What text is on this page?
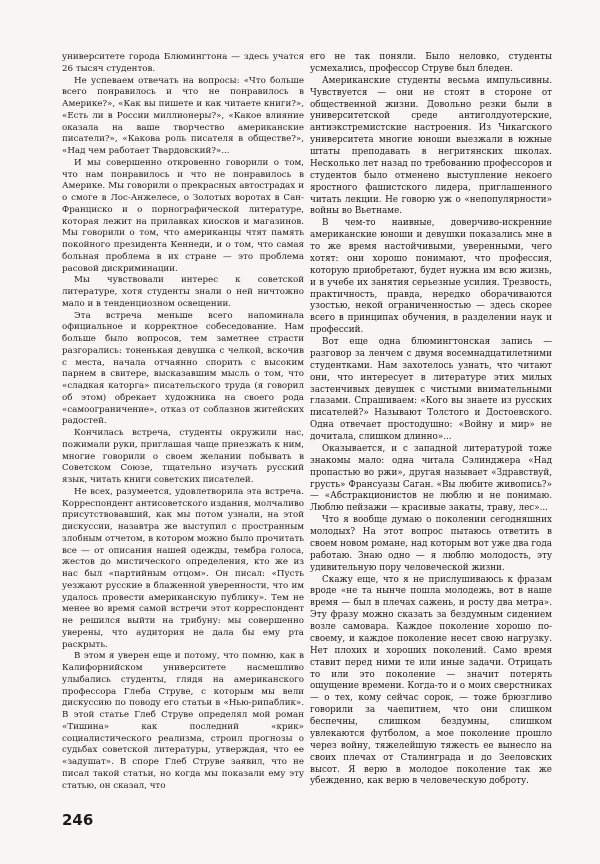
университете города Блюмингтона — здесь учатся 26 тысяч студентов.

Не успеваем отвечать на вопросы: «Что больше всего понравилось и что не понравилось в Америке?», «Как вы пишете и как читаете книги?», «Есть ли в России миллионеры?», «Какое влияние оказала на ваше творчество американские писатели?», «Какова роль писателя в обществе?», «Над чем работает Твардовский?»...

И мы совершенно откровенно говорили о том, что нам понравилось и что не понравилось в Америке. Мы говорили о прекрасных автострадах и о смоге в Лос-Анжелесе, о Золотых воротах в Сан-Франциско и о порнографической литературе, которая лежит на прилавках киосков и магазинов. Мы говорили о том, что американцы чтят память покойного президента Кеннеди, и о том, что самая больная проблема в их стране — это проблема расовой дискриминации.

Мы чувствовали интерес к советской литературе, хотя студенты знали о ней ничтожно мало и в тенденциозном освещении.

Эта встреча меньше всего напоминала официальное и корректное собеседование. Нам больше было вопросов, тем заметнее страсти разгорались: тоненькая девушка с челкой, вскочив с места, начала отчаянно спорить с высоким парнем в свитере, высказавшим мысль о том, что «сладкая каторга» писательского труда (я говорил об этом) обрекает художника на своего рода «самоограничение», отказ от соблазнов житейских радостей.

Кончилась встреча, студенты окружили нас, пожимали руки, приглашая чаще приезжать к ним, многие говорили о своем желании побывать в Советском Союзе, тщательно изучать русский язык, читать книги советских писателей.

Не всех, разумеется, удовлетворила эта встреча. Корреспондент антисоветского издания, молчаливо присутствовавший, как мы потом узнали, на этой дискуссии, назавтра же выступил с пространным злобным отчетом, в котором можно было прочитать все — от описания нашей одежды, тембра голоса, жестов до мистического определения, кто же из нас был «партийным отцом». Он писал: «Пусть уезжают русские в блаженной уверенности, что им удалось провести американскую публику». Тем не менее во время самой встречи этот корреспондент не решился выйти на трибуну: мы совершенно уверены, что аудитория не дала бы ему рта раскрыть.

В этом я уверен еще и потому, что помню, как в Калифорнийском университете насмешливо улыбались студенты, глядя на американского профессора Глеба Струве, с которым мы вели дискуссию по поводу его статьи в «Нью-рипаблик». В этой статье Глеб Струве определял мой роман «Тишина» как последний «крик» социалистического реализма, строил прогнозы о судьбах советской литературы, утверждая, что ее «задушат». В споре Глеб Струве заявил, что не писал такой статьи, но когда мы показали ему эту статью, он сказал, что

его не так поняли. Было неловко, студенты усмехались, профессор Струве был бледен.

Американские студенты весьма импульсивны. Чувствуется — они не стоят в стороне от общественной жизни. Довольно резки были в университетской среде антиголдуотерские, антиэкстремистские настроения. Из Чикагского университета многие юноши выезжали в южные штаты преподавать в негритянских школах. Несколько лет назад по требованию профессоров и студентов было отменено выступление некоего яростного фашистского лидера, приглашенного читать лекции. Не говорю уж о «непопулярности» войны во Вьетнаме.

В чем-то наивные, доверчиво-искренние американские юноши и девушки показались мне в то же время настойчивыми, уверенными, чего хотят: они хорошо понимают, что профессия, которую приобретают, будет нужна им всю жизнь, и в учебе их занятия серьезные усилия. Трезвость, практичность, правда, нередко оборачиваются узостью, некой ограниченностью — здесь скорее всего в принципах обучения, в разделении наук и профессий.

Вот еще одна блюмингтонская запись — разговор за ленчем с двумя восемнадцатилетними студентками. Нам захотелось узнать, что читают они, что интересует в литературе этих милых застенчивых девушек с чистыми внимательными глазами. Спрашиваем: «Кого вы знаете из русских писателей?» Называют Толстого и Достоевского. Одна отвечает простодушно: «Войну и мир» не дочитала, слишком длинно»...

Оказывается, и с западной литературой тоже знакомы мало: одна читала Сэлинджера «Над пропастью во ржи», другая называет «Здравствуй, грусть» Франсуазы Саган. «Вы любите живопись?» — «Абстракционистов не люблю и не понимаю. Люблю пейзажи — красивые закаты, траву, лес»...

Что я вообще думаю о поколении сегодняшних молодых? На этот вопрос пытаюсь ответить в своем новом романе, над которым вот уже два года работаю. Знаю одно — я люблю молодость, эту удивительную пору человеческой жизни.

Скажу еще, что я не прислушиваюсь к фразам вроде «не та нынче пошла молодежь, вот в наше время — был в плечах сажень, и росту два метра». Эту фразу можно сказать за бездумным сидением возле самовара. Каждое поколение хорошо по-своему, и каждое поколение несет свою нагрузку. Нет плохих и хороших поколений. Само время ставит перед ними те или иные задачи. Отрицать то или это поколение — значит потерять ощущение времени. Когда-то и о моих сверстниках — о тех, кому сейчас сорок, — тоже брюзгливо говорили за чаепитием, что они слишком беспечны, слишком бездумны, слишком увлекаются футболом, а мое поколение прошло через войну, тяжелейшую тяжесть ее вынесло на своих плечах от Сталинграда и до Зееловских высот. Я верю в молодое поколение так же убежденно, как верю в человеческую доброту.

246
